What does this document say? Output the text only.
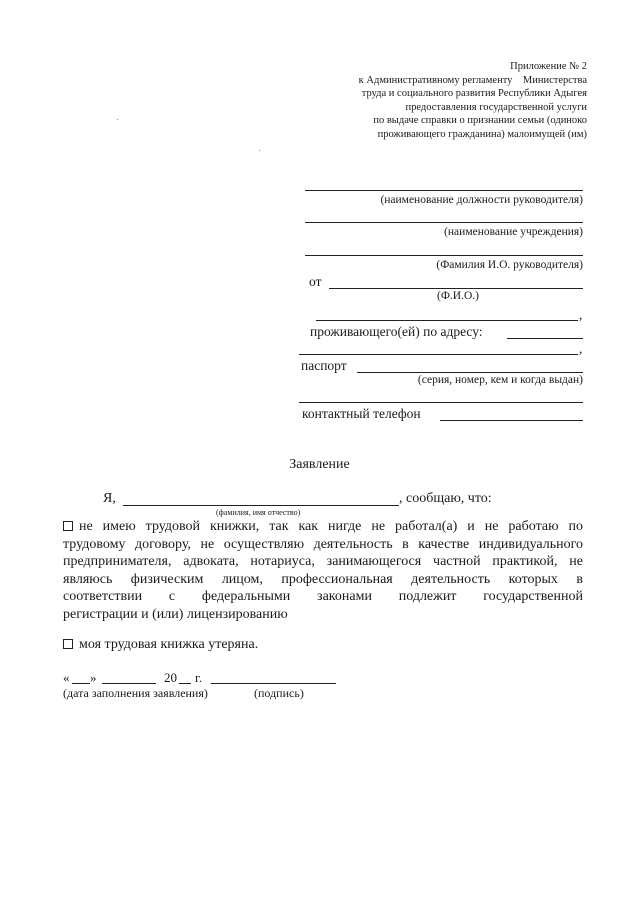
Приложение № 2
к Административному регламенту    Министерства
труда и социального развития Республики Адыгея
предоставления государственной услуги
по выдаче справки о признании семьи (одиноко
проживающего гражданина) малоимущей (им)
(наименование должности руководителя)
(наименование учреждения)
(Фамилия И.О. руководителя)
от
(Ф.И.О.)
,
проживающего(ей) по адресу:
,
паспорт
(серия, номер, кем и когда выдан)
контактный телефон
Заявление
Я,	, сообщаю, что:
(фамилия, имя отчество)
не имею трудовой книжки, так как нигде не работал(а) и не работаю по
трудовому договору, не осуществляю деятельность в качестве индивидуального
предпринимателя, адвоката, нотариуса, занимающегося частной практикой, не
являюсь физическим лицом, профессиональная деятельность которых в
соответствии   с   федеральными   законами   подлежит   государственной
регистрации и (или) лицензированию
моя трудовая книжка утеряна.
« »	20 г.
(дата заполнения заявления)	(подпись)
